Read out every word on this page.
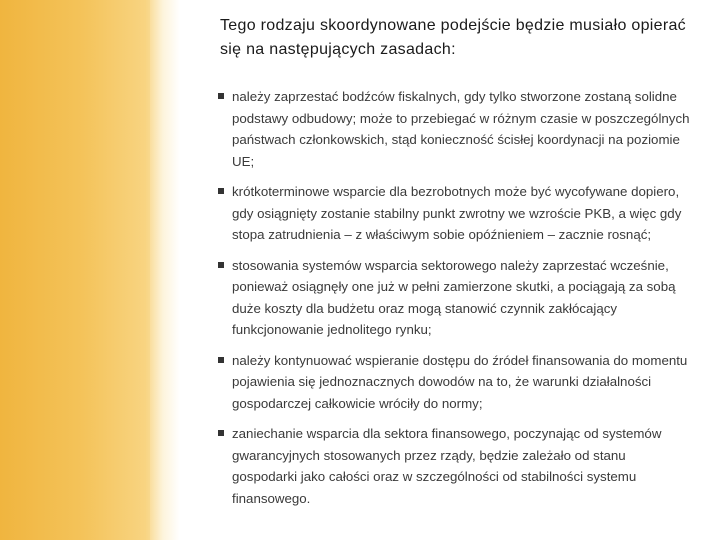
Tego rodzaju skoordynowane podejście będzie musiało opierać się na następujących zasadach:
należy zaprzestać bodźców fiskalnych, gdy tylko stworzone zostaną solidne podstawy odbudowy; może to przebiegać w różnym czasie w poszczególnych państwach członkowskich, stąd konieczność ścisłej koordynacji na poziomie UE;
krótkoterminowe wsparcie dla bezrobotnych może być wycofywane dopiero, gdy osiągnięty zostanie stabilny punkt zwrotny we wzroście PKB, a więc gdy stopa zatrudnienia – z właściwym sobie opóźnieniem – zacznie rosnąć;
stosowania systemów wsparcia sektorowego należy zaprzestać wcześnie, ponieważ osiągnęły one już w pełni zamierzone skutki, a pociągają za sobą duże koszty dla budżetu oraz mogą stanowić czynnik zakłócający funkcjonowanie jednolitego rynku;
należy kontynuować wspieranie dostępu do źródeł finansowania do momentu pojawienia się jednoznacznych dowodów na to, że warunki działalności gospodarczej całkowicie wróciły do normy;
zaniechanie wsparcia dla sektora finansowego, poczynając od systemów gwarancyjnych stosowanych przez rządy, będzie zależało od stanu gospodarki jako całości oraz w szczególności od stabilności systemu finansowego.
